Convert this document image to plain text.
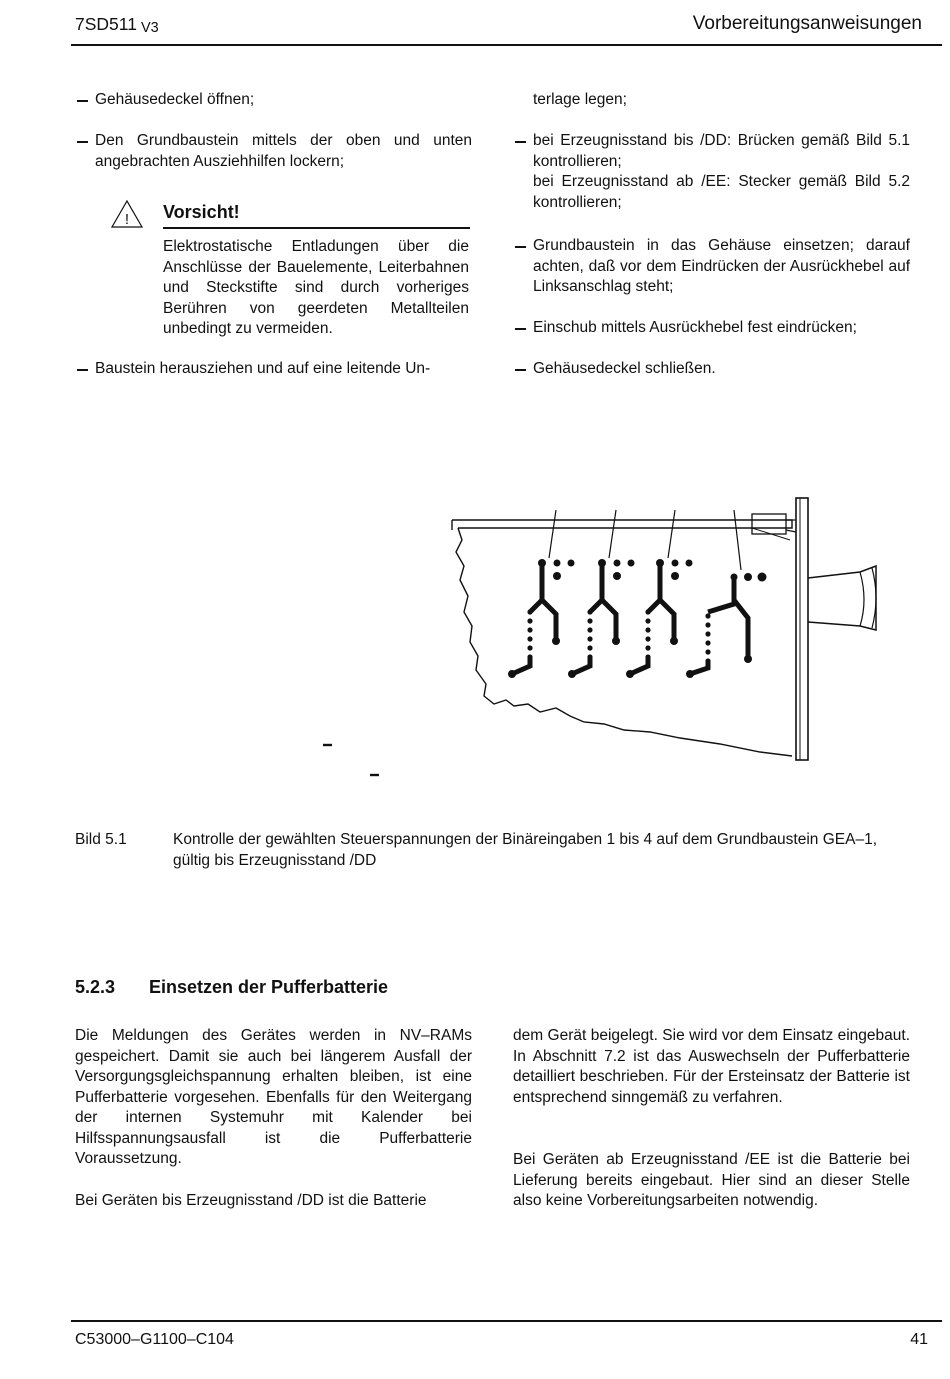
7SD511 V3	Vorbereitungsanweisungen
Gehäusedeckel öffnen;
Den Grundbaustein mittels der oben und unten angebrachten Ausziehhilfen lockern;
! Vorsicht!
Elektrostatische Entladungen über die Anschlüsse der Bauelemente, Leiterbahnen und Steckstifte sind durch vorheriges Berühren von geerdeten Metallteilen unbedingt zu vermeiden.
Baustein herausziehen und auf eine leitende Un-
terlage legen;
bei Erzeugnisstand bis /DD: Brücken gemäß Bild 5.1 kontrollieren;
bei Erzeugnisstand ab /EE: Stecker gemäß Bild 5.2 kontrollieren;
Grundbaustein in das Gehäuse einsetzen; darauf achten, daß vor dem Eindrücken der Ausrückhebel auf Linksanschlag steht;
Einschub mittels Ausrückhebel fest eindrücken;
Gehäusedeckel schließen.
Bild 5.1	Kontrolle der gewählten Steuerspannungen der Binäreingaben 1 bis 4 auf dem Grundbaustein GEA–1, gültig bis Erzeugnisstand /DD
5.2.3 Einsetzen der Pufferbatterie
Die Meldungen des Gerätes werden in NV–RAMs gespeichert. Damit sie auch bei längerem Ausfall der Versorgungsgleichspannung erhalten bleiben, ist eine Pufferbatterie vorgesehen. Ebenfalls für den Weitergang der internen Systemuhr mit Kalender bei Hilfsspannungsausfall ist die Pufferbatterie Voraussetzung.
Bei Geräten bis Erzeugnisstand /DD ist die Batterie
dem Gerät beigelegt. Sie wird vor dem Einsatz eingebaut. In Abschnitt 7.2 ist das Auswechseln der Pufferbatterie detailliert beschrieben. Für der Ersteinsatz der Batterie ist entsprechend sinngemäß zu verfahren.
Bei Geräten ab Erzeugnisstand /EE ist die Batterie bei Lieferung bereits eingebaut. Hier sind an dieser Stelle also keine Vorbereitungsarbeiten notwendig.
C53000–G1100–C104	41
